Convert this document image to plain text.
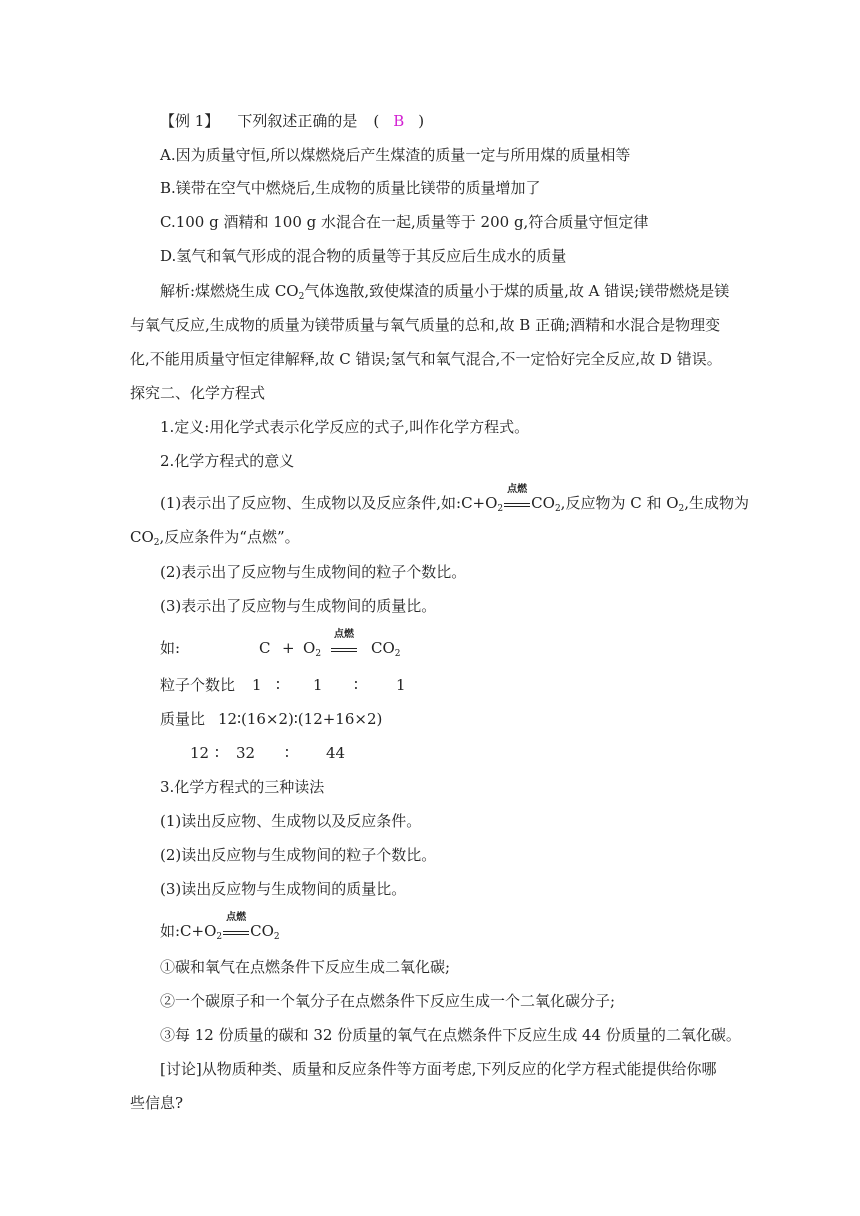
【例 1】 下列叙述正确的是 ( B )
A.因为质量守恒,所以煤燃烧后产生煤渣的质量一定与所用煤的质量相等
B.镁带在空气中燃烧后,生成物的质量比镁带的质量增加了
C.100 g 酒精和 100 g 水混合在一起,质量等于 200 g,符合质量守恒定律
D.氢气和氧气形成的混合物的质量等于其反应后生成水的质量
解析:煤燃烧生成 $CO_2$气体逸散,致使煤渣的质量小于煤的质量,故 A 错误;镁带燃烧是镁
与氧气反应,生成物的质量为镁带质量与氧气质量的总和,故 B 正确;酒精和水混合是物理变
化,不能用质量守恒定律解释,故 C 错误;氢气和氧气混合,不一定恰好完全反应,故 D 错误。
探究二、化学方程式
1.定义:用化学式表示化学反应的式子,叫作化学方程式。
2.化学方程式的意义
(1)表示出了反应物、生成物以及反应条件,如$:C+O_2$
点燃
$CO_2$,反应物为 C 和 $O_2$,生成物为
$CO_2$,反应条件为“点燃”。
(2)表示出了反应物与生成物间的粒子个数比。
(3)表示出了反应物与生成物间的质量比。
如:	$C + O_2$
点燃
$CO_2$
粒子个数比 1 ∶ 1 ∶	1
质量比 12∶(16×2)∶(12+16×2)
12 ∶ 32 ∶ 44
3.化学方程式的三种读法
(1)读出反应物、生成物以及反应条件。
(2)读出反应物与生成物间的粒子个数比。
(3)读出反应物与生成物间的质量比。
如$:C+O_2$
点燃
$CO_2$
①碳和氧气在点燃条件下反应生成二氧化碳;
②一个碳原子和一个氧分子在点燃条件下反应生成一个二氧化碳分子;
③每 12 份质量的碳和 32 份质量的氧气在点燃条件下反应生成 44 份质量的二氧化碳。
[讨论]从物质种类、质量和反应条件等方面考虑,下列反应的化学方程式能提供给你哪
些信息?
